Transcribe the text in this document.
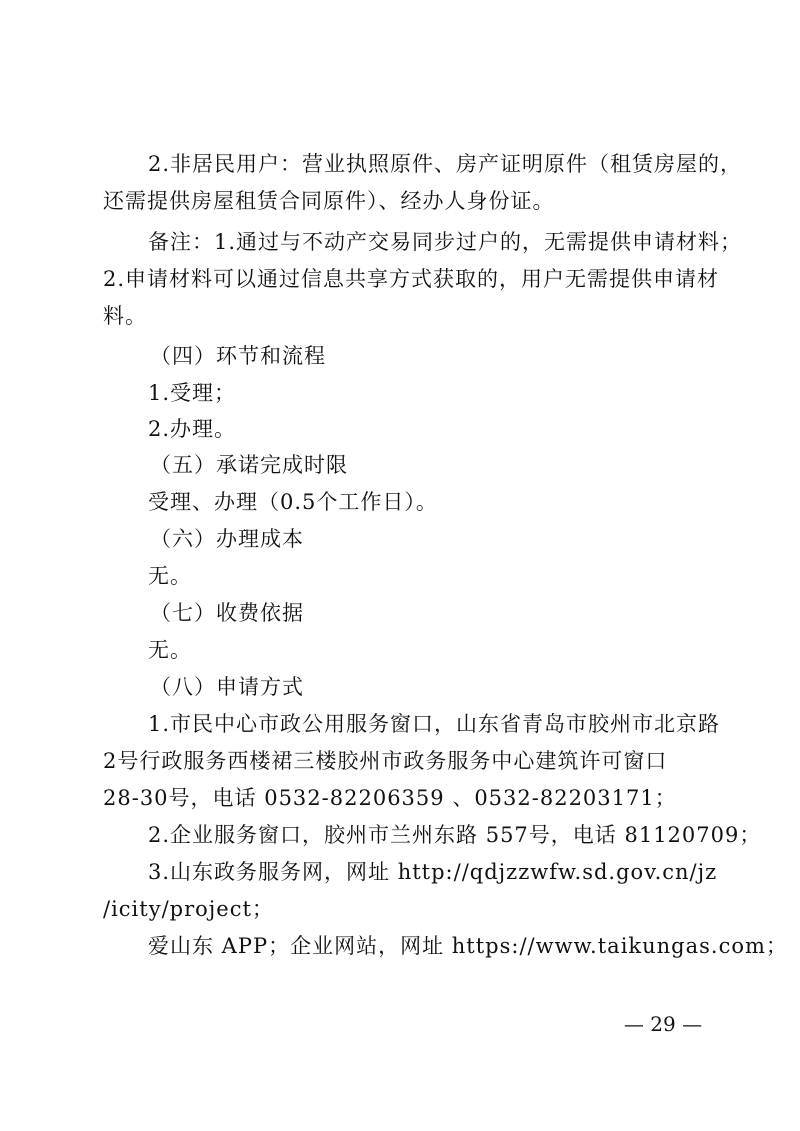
2.非居民用户：营业执照原件、房产证明原件（租赁房屋的，
还需提供房屋租赁合同原件）、经办人身份证。
备注：1.通过与不动产交易同步过户的，无需提供申请材料；
2.申请材料可以通过信息共享方式获取的，用户无需提供申请材
料。
（四）环节和流程
1.受理；
2.办理。
（五）承诺完成时限
受理、办理（0.5个工作日）。
（六）办理成本
无。
（七）收费依据
无。
（八）申请方式
1.市民中心市政公用服务窗口，山东省青岛市胶州市北京路
2号行政服务西楼裙三楼胶州市政务服务中心建筑许可窗口
28-30号，电话 0532-82206359 、0532-82203171；
2.企业服务窗口，胶州市兰州东路 557号，电话 81120709；
3.山东政务服务网，网址 http://qdjzzwfw.sd.gov.cn/jz
/icity/project；
爱山东 APP；企业网站，网址 https://www.taikungas.com；
— 29 —
